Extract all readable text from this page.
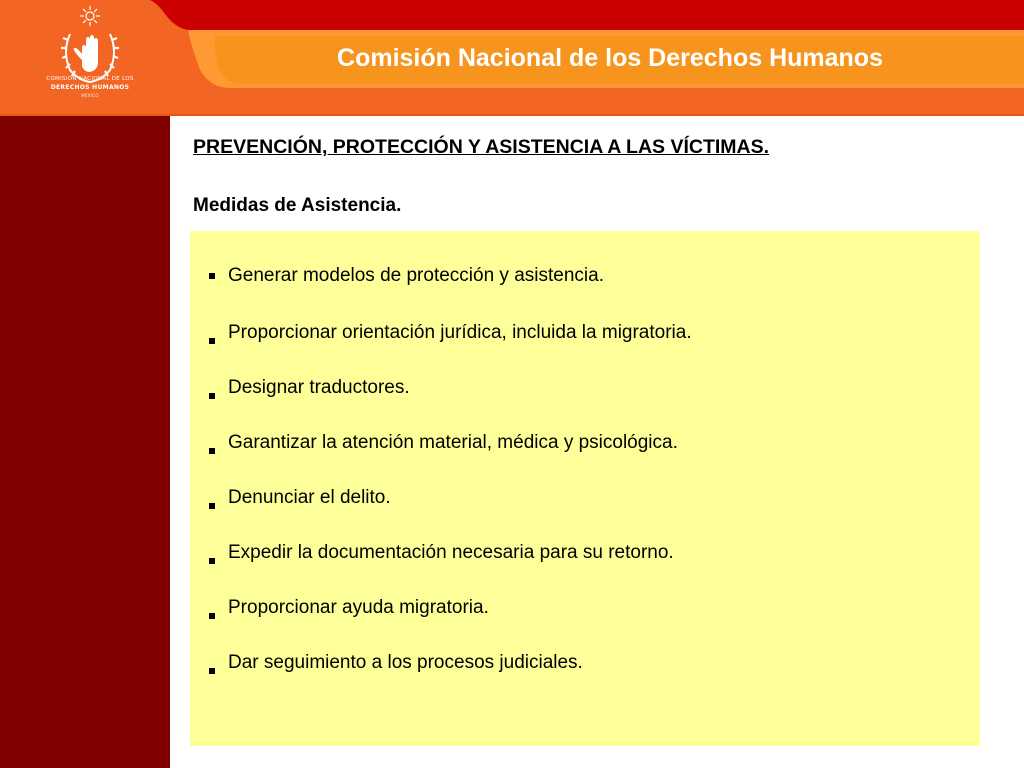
COMISIÓN NACIONAL DE LOS
DERECHOS HUMANOS
MÉXICO
Comisión Nacional de los Derechos Humanos
PREVENCIÓN, PROTECCIÓN Y ASISTENCIA A LAS VÍCTIMAS.
Medidas de Asistencia.
Generar modelos de protección y asistencia.
Proporcionar orientación jurídica, incluida la migratoria.
Designar traductores.
Garantizar la atención material, médica y psicológica.
Denunciar el delito.
Expedir la documentación necesaria para su retorno.
Proporcionar ayuda migratoria.
Dar seguimiento a los procesos judiciales.
